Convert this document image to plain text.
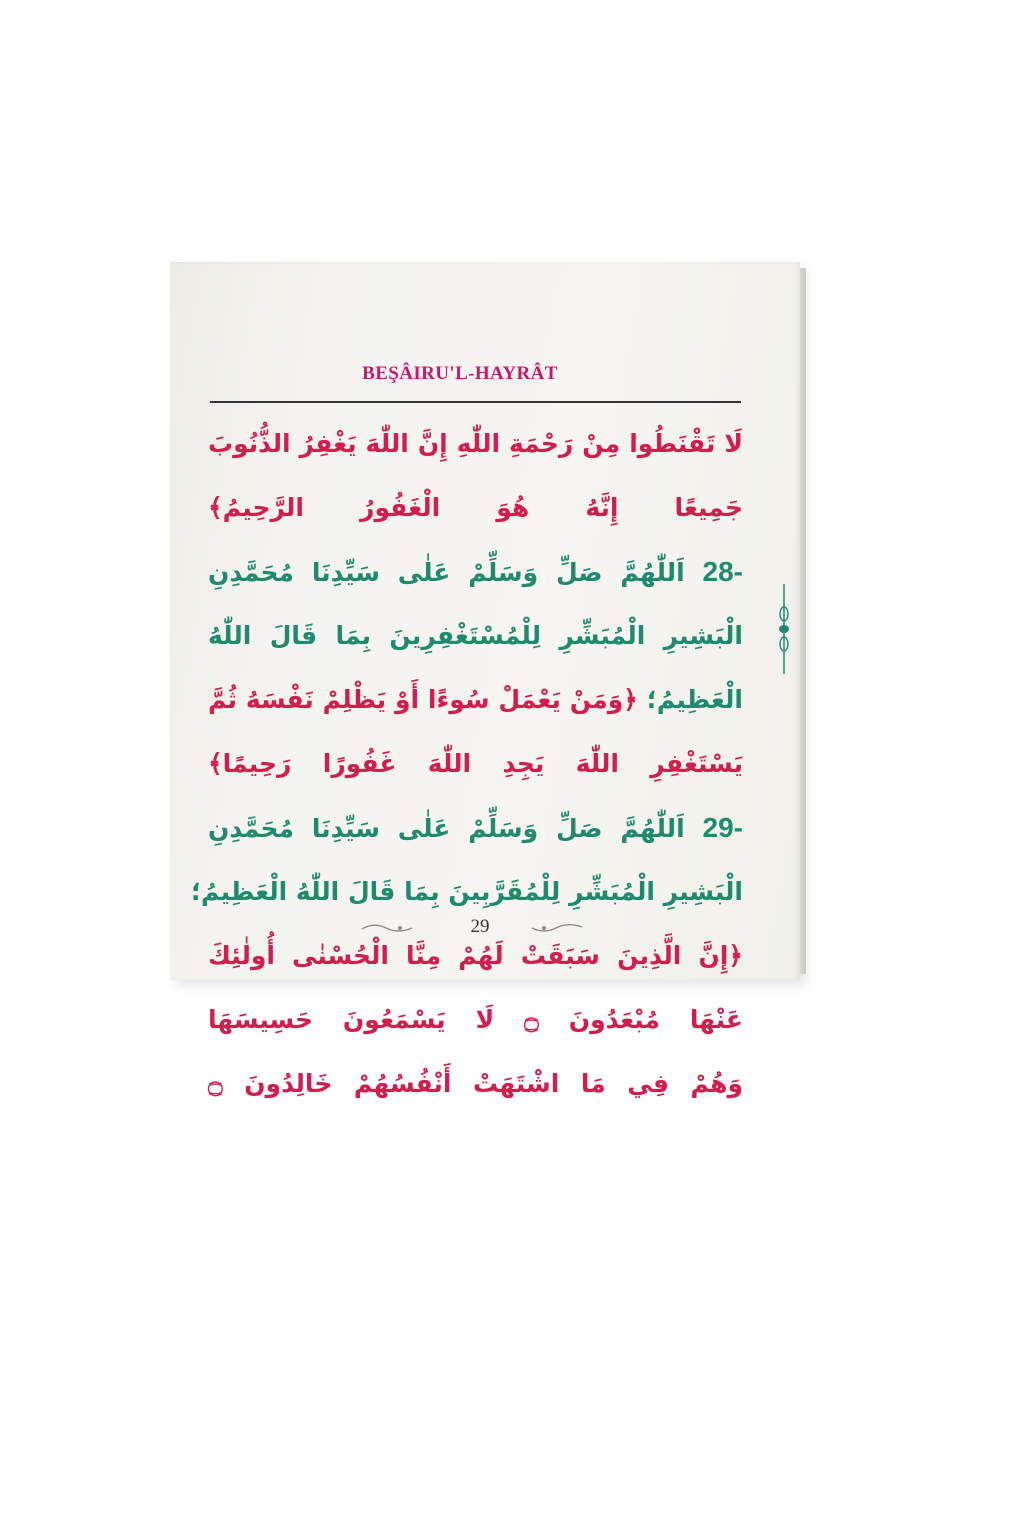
BEŞÂIRU'L-HAYRÂT
لَا تَقْنَطُوا مِنْ رَحْمَةِ اللّٰهِ إِنَّ اللّٰهَ يَغْفِرُ الذُّنُوبَ
جَمِيعًا إِنَّهُ هُوَ الْغَفُورُ الرَّحِيمُ﴾
28- اَللّٰهُمَّ صَلِّ وَسَلِّمْ عَلٰى سَيِّدِنَا مُحَمَّدِنِ
الْبَشِيرِ الْمُبَشِّرِ لِلْمُسْتَغْفِرِينَ بِمَا قَالَ اللّٰهُ
الْعَظِيمُ؛ ﴿وَمَنْ يَعْمَلْ سُوءًا أَوْ يَظْلِمْ نَفْسَهُ ثُمَّ
يَسْتَغْفِرِ اللّٰهَ يَجِدِ اللّٰهَ غَفُورًا رَحِيمًا﴾
29- اَللّٰهُمَّ صَلِّ وَسَلِّمْ عَلٰى سَيِّدِنَا مُحَمَّدِنِ
الْبَشِيرِ الْمُبَشِّرِ لِلْمُقَرَّبِينَ بِمَا قَالَ اللّٰهُ الْعَظِيمُ؛
﴿إِنَّ الَّذِينَ سَبَقَتْ لَهُمْ مِنَّا الْحُسْنٰى أُولٰئِكَ
عَنْهَا مُبْعَدُونَ ۝ لَا يَسْمَعُونَ حَسِيسَهَا
وَهُمْ فِي مَا اشْتَهَتْ أَنْفُسُهُمْ خَالِدُونَ ۝
29
